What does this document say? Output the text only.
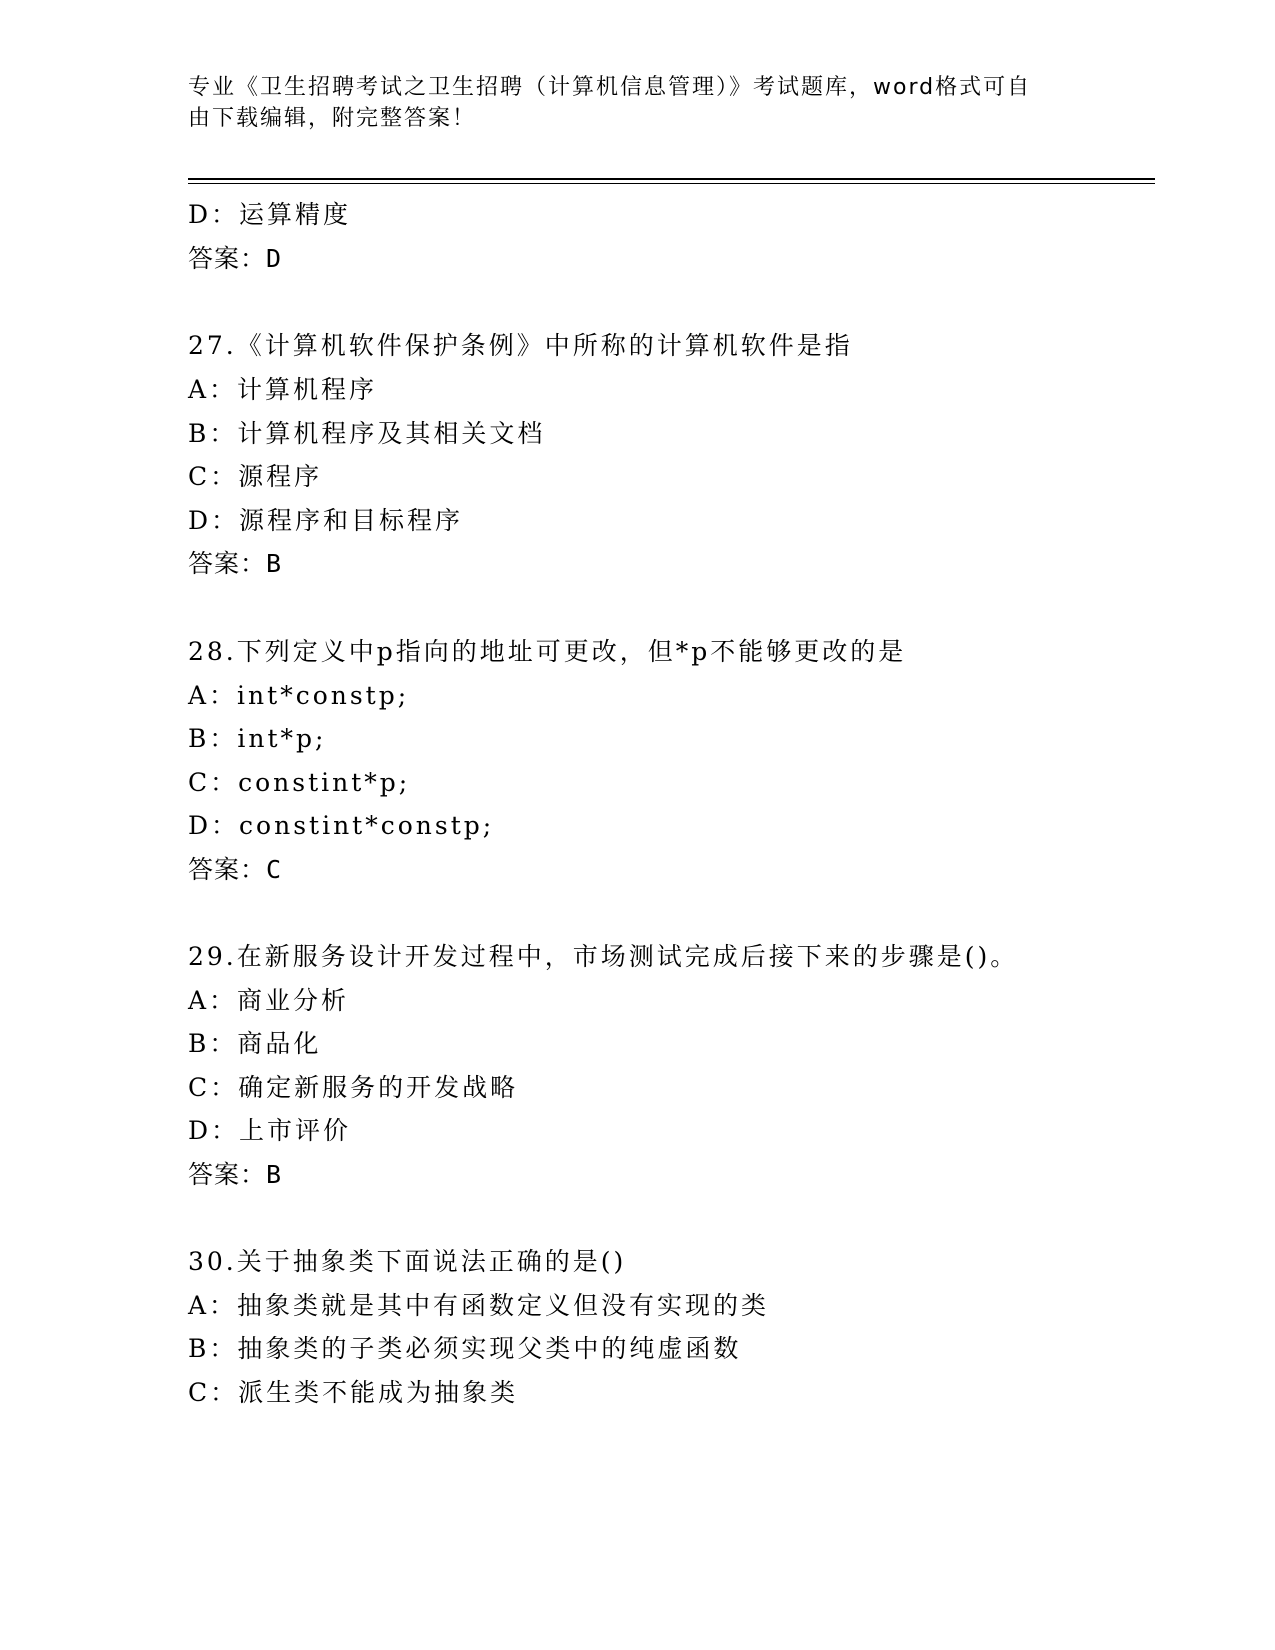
专业《卫生招聘考试之卫生招聘（计算机信息管理）》考试题库，word格式可自
由下载编辑，附完整答案！
D：运算精度
答案：D
27.《计算机软件保护条例》中所称的计算机软件是指
A：计算机程序
B：计算机程序及其相关文档
C：源程序
D：源程序和目标程序
答案：B
28.下列定义中p指向的地址可更改，但*p不能够更改的是
A：int*constp;
B：int*p;
C：constint*p;
D：constint*constp;
答案：C
29.在新服务设计开发过程中，市场测试完成后接下来的步骤是()。
A：商业分析
B：商品化
C：确定新服务的开发战略
D：上市评价
答案：B
30.关于抽象类下面说法正确的是()
A：抽象类就是其中有函数定义但没有实现的类
B：抽象类的子类必须实现父类中的纯虚函数
C：派生类不能成为抽象类
